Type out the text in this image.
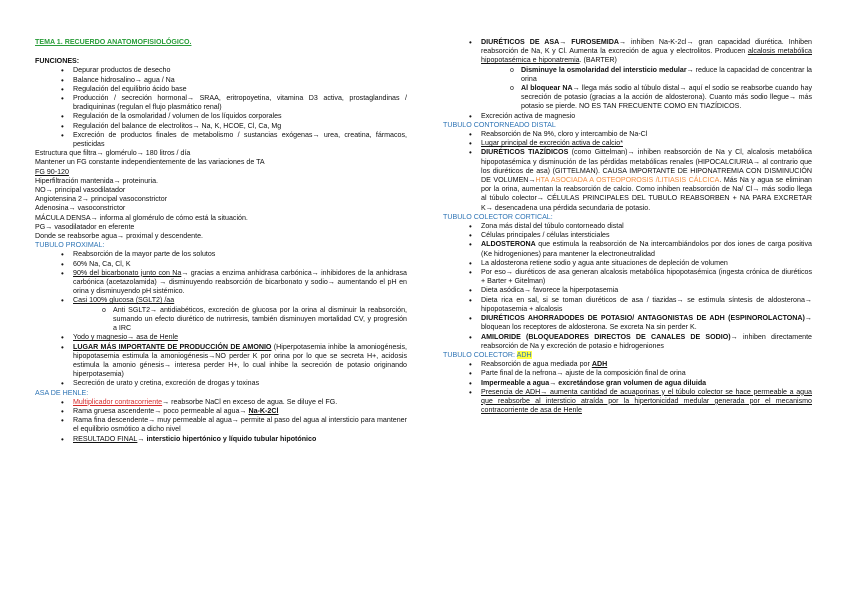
TEMA 1. RECUERDO ANATOMOFISIOLÓGICO.

FUNCIONES:

• Depurar productos de desecho
• Balance hidrosalino→ agua / Na
• Regulación del equilibrio ácido base
• Producción / secreción hormonal→ SRAA, eritropoyetina, vitamina D3 activa, prostaglandinas / bradiquininas (regulan el flujo plasmático renal)
• Regulación de la osmolaridad / volumen de los líquidos corporales
• Regulación del balance de electrolitos→ Na, K, HCOE, Cl, Ca, Mg
• Excreción de productos finales de metabolismo / sustancias exógenas→ urea, creatina, fármacos, pesticidas

Estructura que filtra→ glomérulo→ 180 litros / día

Mantener un FG constante independientemente de las variaciones de TA

FG 90-120

Hiperfiltración mantenida→ proteinuria.

NO→ principal vasodilatador

Angiotensina 2→ principal vasoconstrictor

Adenosina→ vasoconstrictor

MÁCULA DENSA→ informa al glomérulo de cómo está la situación.

PG→ vasodilatador en eferente

Donde se reabsorbe agua→ proximal y descendente.

TUBULO PROXIMAL:

• Reabsorción de la mayor parte de los solutos
• 60% Na, Ca, Cl, K
• 90% del bicarbonato junto con Na→ gracias a enzima anhidrasa carbónica→ inhibidores de la anhidrasa carbónica (acetazolamida) → disminuyendo reabsorción de bicarbonato y sodio→ aumentando el pH en orina y disminuyendo pH sistémico.
• Casi 100% glucosa (SGLT2) /aa
o Anti SGLT2→ antidiabéticos, excreción de glucosa por la orina al disminuir la reabsorción, sumando un efecto diurético de nutrirresis, también disminuyen mortalidad CV, y progresión a IRC
• Yodo y magnesio→ asa de Henle
• LUGAR MÁS IMPORTANTE DE PRODUCCIÓN DE AMONIO (Hiperpotasemia inhibe la amoniogénesis, hipopotasemia estimula la amoniogénesis→NO perder K por orina por lo que se secreta H+, acidosis estimula la amonio génesis→ interesa perder H+, lo cual inhibe la secreción de potasio originando hiperpotasemia)
• Secreción de urato y cretina, excreción de drogas y toxinas

ASA DE HENLE:

• Multiplicador contracorriente→ reabsorbe NaCl en exceso de agua. Se diluye el FG.
• Rama gruesa ascendente→ poco permeable al agua→ Na-K-2Cl
• Rama fina descendente→ muy permeable al agua→ permite al paso del agua al intersticio para mantener el equilibrio osmótico a dicho nivel
• RESULTADO FINAL→ intersticio hipertónico y líquido tubular hipotónico
• DIURÉTICOS DE ASA→ FUROSEMIDA→ inhiben Na-K-2cl→ gran capacidad diurética. Inhiben reabsorción de Na, K y Cl. Aumenta la excreción de agua y electrolitos. Producen alcalosis metabólica hipopotasémica e hiponatremia. (BARTER)
o Disminuye la osmolaridad del intersticio medular→ reduce la capacidad de concentrar la orina
o Al bloquear NA→ llega más sodio al túbulo distal→ aquí el sodio se reabsorbe cuando hay secreción de potasio (gracias a la acción de aldosterona). Cuanto más sodio llegue→ más potasio se pierde. NO ES TAN FRECUENTE COMO EN TIAZÍDICOS.
• Excreción activa de magnesio

TUBULO CONTORNEADO DISTAL

• Reabsorción de Na 9%, cloro y intercambio de Na-Cl
• Lugar principal de excreción activa de calcio*
• DIURÉTICOS TIAZÍDICOS (como Gittelman)→ inhiben reabsorción de Na y Cl, alcalosis metabólica hipopotasémica y disminución de las pérdidas metabólicas renales (HIPOCALCIURIA→ al contrario que los diuréticos de asa) (GITTELMAN). CAUSA IMPORTANTE DE HIPONATREMIA CON DISMINUCIÓN DE VOLUMEN→HTA ASOCIADA A OSTEOPOROSIS /LITIASIS CÁLCICA. Más Na y agua se eliminan por la orina, aumentan la reabsorción de calcio. Como inhiben reabsorción de Na/ Cl→ más sodio llega al túbulo colector→ CÉLULAS PRINCIPALES DEL TUBULO REABSORBEN + NA PARA EXCRETAR K→ desencadena una pérdida secundaria de potasio.

TUBULO COLECTOR CORTICAL:

• Zona más distal del túbulo contorneado distal
• Células principales / células intersticiales
• ALDOSTERONA que estimula la reabsorción de Na intercambiándolos por dos iones de carga positiva (Ke hidrogeniones) para mantener la electroneutralidad
• La aldosterona retiene sodio y agua ante situaciones de depleción de volumen
• Por eso→ diuréticos de asa generan alcalosis metabólica hipopotasémica (ingesta crónica de diuréticos + Barter + Gitelman)
• Dieta asódica→ favorece la hiperpotasemia
• Dieta rica en sal, si se toman diuréticos de asa / tiazidas→ se estimula síntesis de aldosterona→ hipopotasemia + alcalosis
• DIURÉTICOS AHORRADODES DE POTASIO/ ANTAGONISTAS DE ADH (ESPINOROLACTONA)→ bloquean los receptores de aldosterona. Se excreta Na sin perder K.
• AMILORIDE (BLOQUEADORES DIRECTOS DE CANALES DE SODIO)→ inhiben directamente reabsorción de Na y excreción de potasio e hidrogeniones

TUBULO COLECTOR: ADH

• Reabsorción de agua mediada por ADH
• Parte final de la nefrona→ ajuste de la composición final de orina
• Impermeable a agua→ excretándose gran volumen de agua diluida
• Presencia de ADH→ aumenta cantidad de acuaporinas y el túbulo colector se hace permeable a agua que reabsorbe al intersticio atraída por la hipertonicidad medular generada por el mecanismo contracorriente de asa de Henle
